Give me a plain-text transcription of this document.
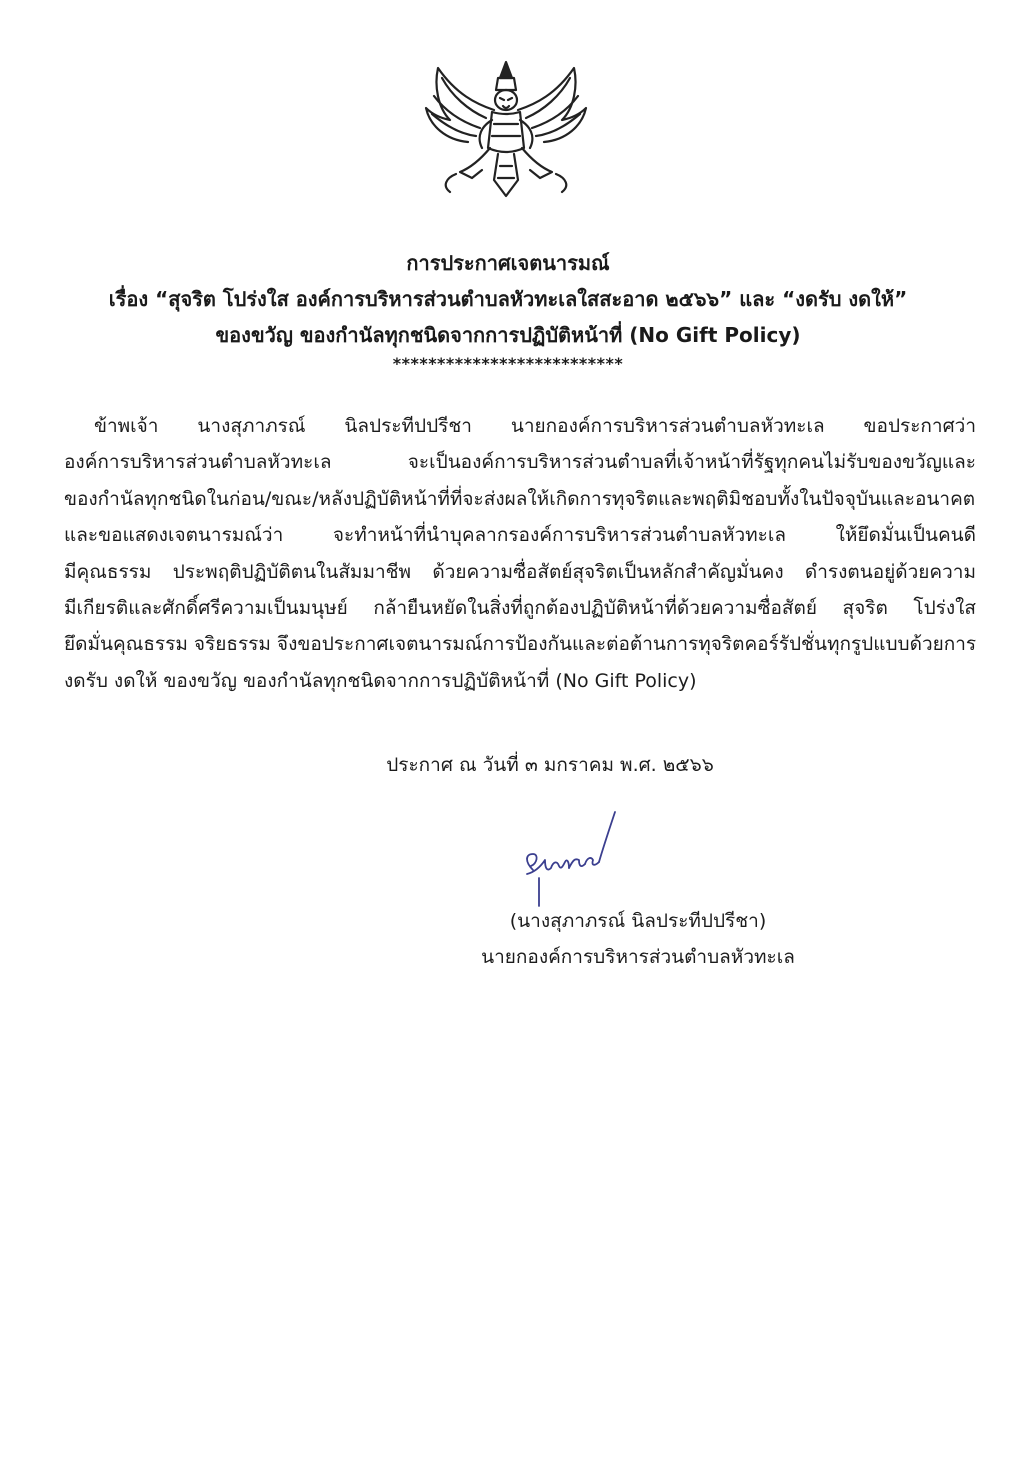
การประกาศเจตนารมณ์
เรื่อง “สุจริต โปร่งใส องค์การบริหารส่วนตำบลหัวทะเลใสสะอาด ๒๕๖๖” และ “งดรับ งดให้”
ของขวัญ ของกำนัลทุกชนิดจากการปฏิบัติหน้าที่ (No Gift Policy)
**************************
ข้าพเจ้า นางสุภาภรณ์ นิลประทีปปรีชา นายกองค์การบริหารส่วนตำบลหัวทะเล ขอประกาศว่า
องค์การบริหารส่วนตำบลหัวทะเล จะเป็นองค์การบริหารส่วนตำบลที่เจ้าหน้าที่รัฐทุกคนไม่รับของขวัญและ
ของกำนัลทุกชนิดในก่อน/ขณะ/หลังปฏิบัติหน้าที่ที่จะส่งผลให้เกิดการทุจริตและพฤติมิชอบทั้งในปัจจุบันและอนาคต
และขอแสดงเจตนารมณ์ว่า จะทำหน้าที่นำบุคลากรองค์การบริหารส่วนตำบลหัวทะเล ให้ยึดมั่นเป็นคนดี
มีคุณธรรม ประพฤติปฏิบัติตนในสัมมาชีพ ด้วยความซื่อสัตย์สุจริตเป็นหลักสำคัญมั่นคง ดำรงตนอยู่ด้วยความ
มีเกียรติและศักดิ์ศรีความเป็นมนุษย์ กล้ายืนหยัดในสิ่งที่ถูกต้องปฏิบัติหน้าที่ด้วยความซื่อสัตย์ สุจริต โปร่งใส
ยึดมั่นคุณธรรม จริยธรรม จึงขอประกาศเจตนารมณ์การป้องกันและต่อต้านการทุจริตคอร์รัปชั่นทุกรูปแบบด้วยการ
งดรับ งดให้ ของขวัญ ของกำนัลทุกชนิดจากการปฏิบัติหน้าที่ (No Gift Policy)
ประกาศ ณ วันที่ ๓ มกราคม พ.ศ. ๒๕๖๖
(นางสุภาภรณ์ นิลประทีปปรีชา)
นายกองค์การบริหารส่วนตำบลหัวทะเล
